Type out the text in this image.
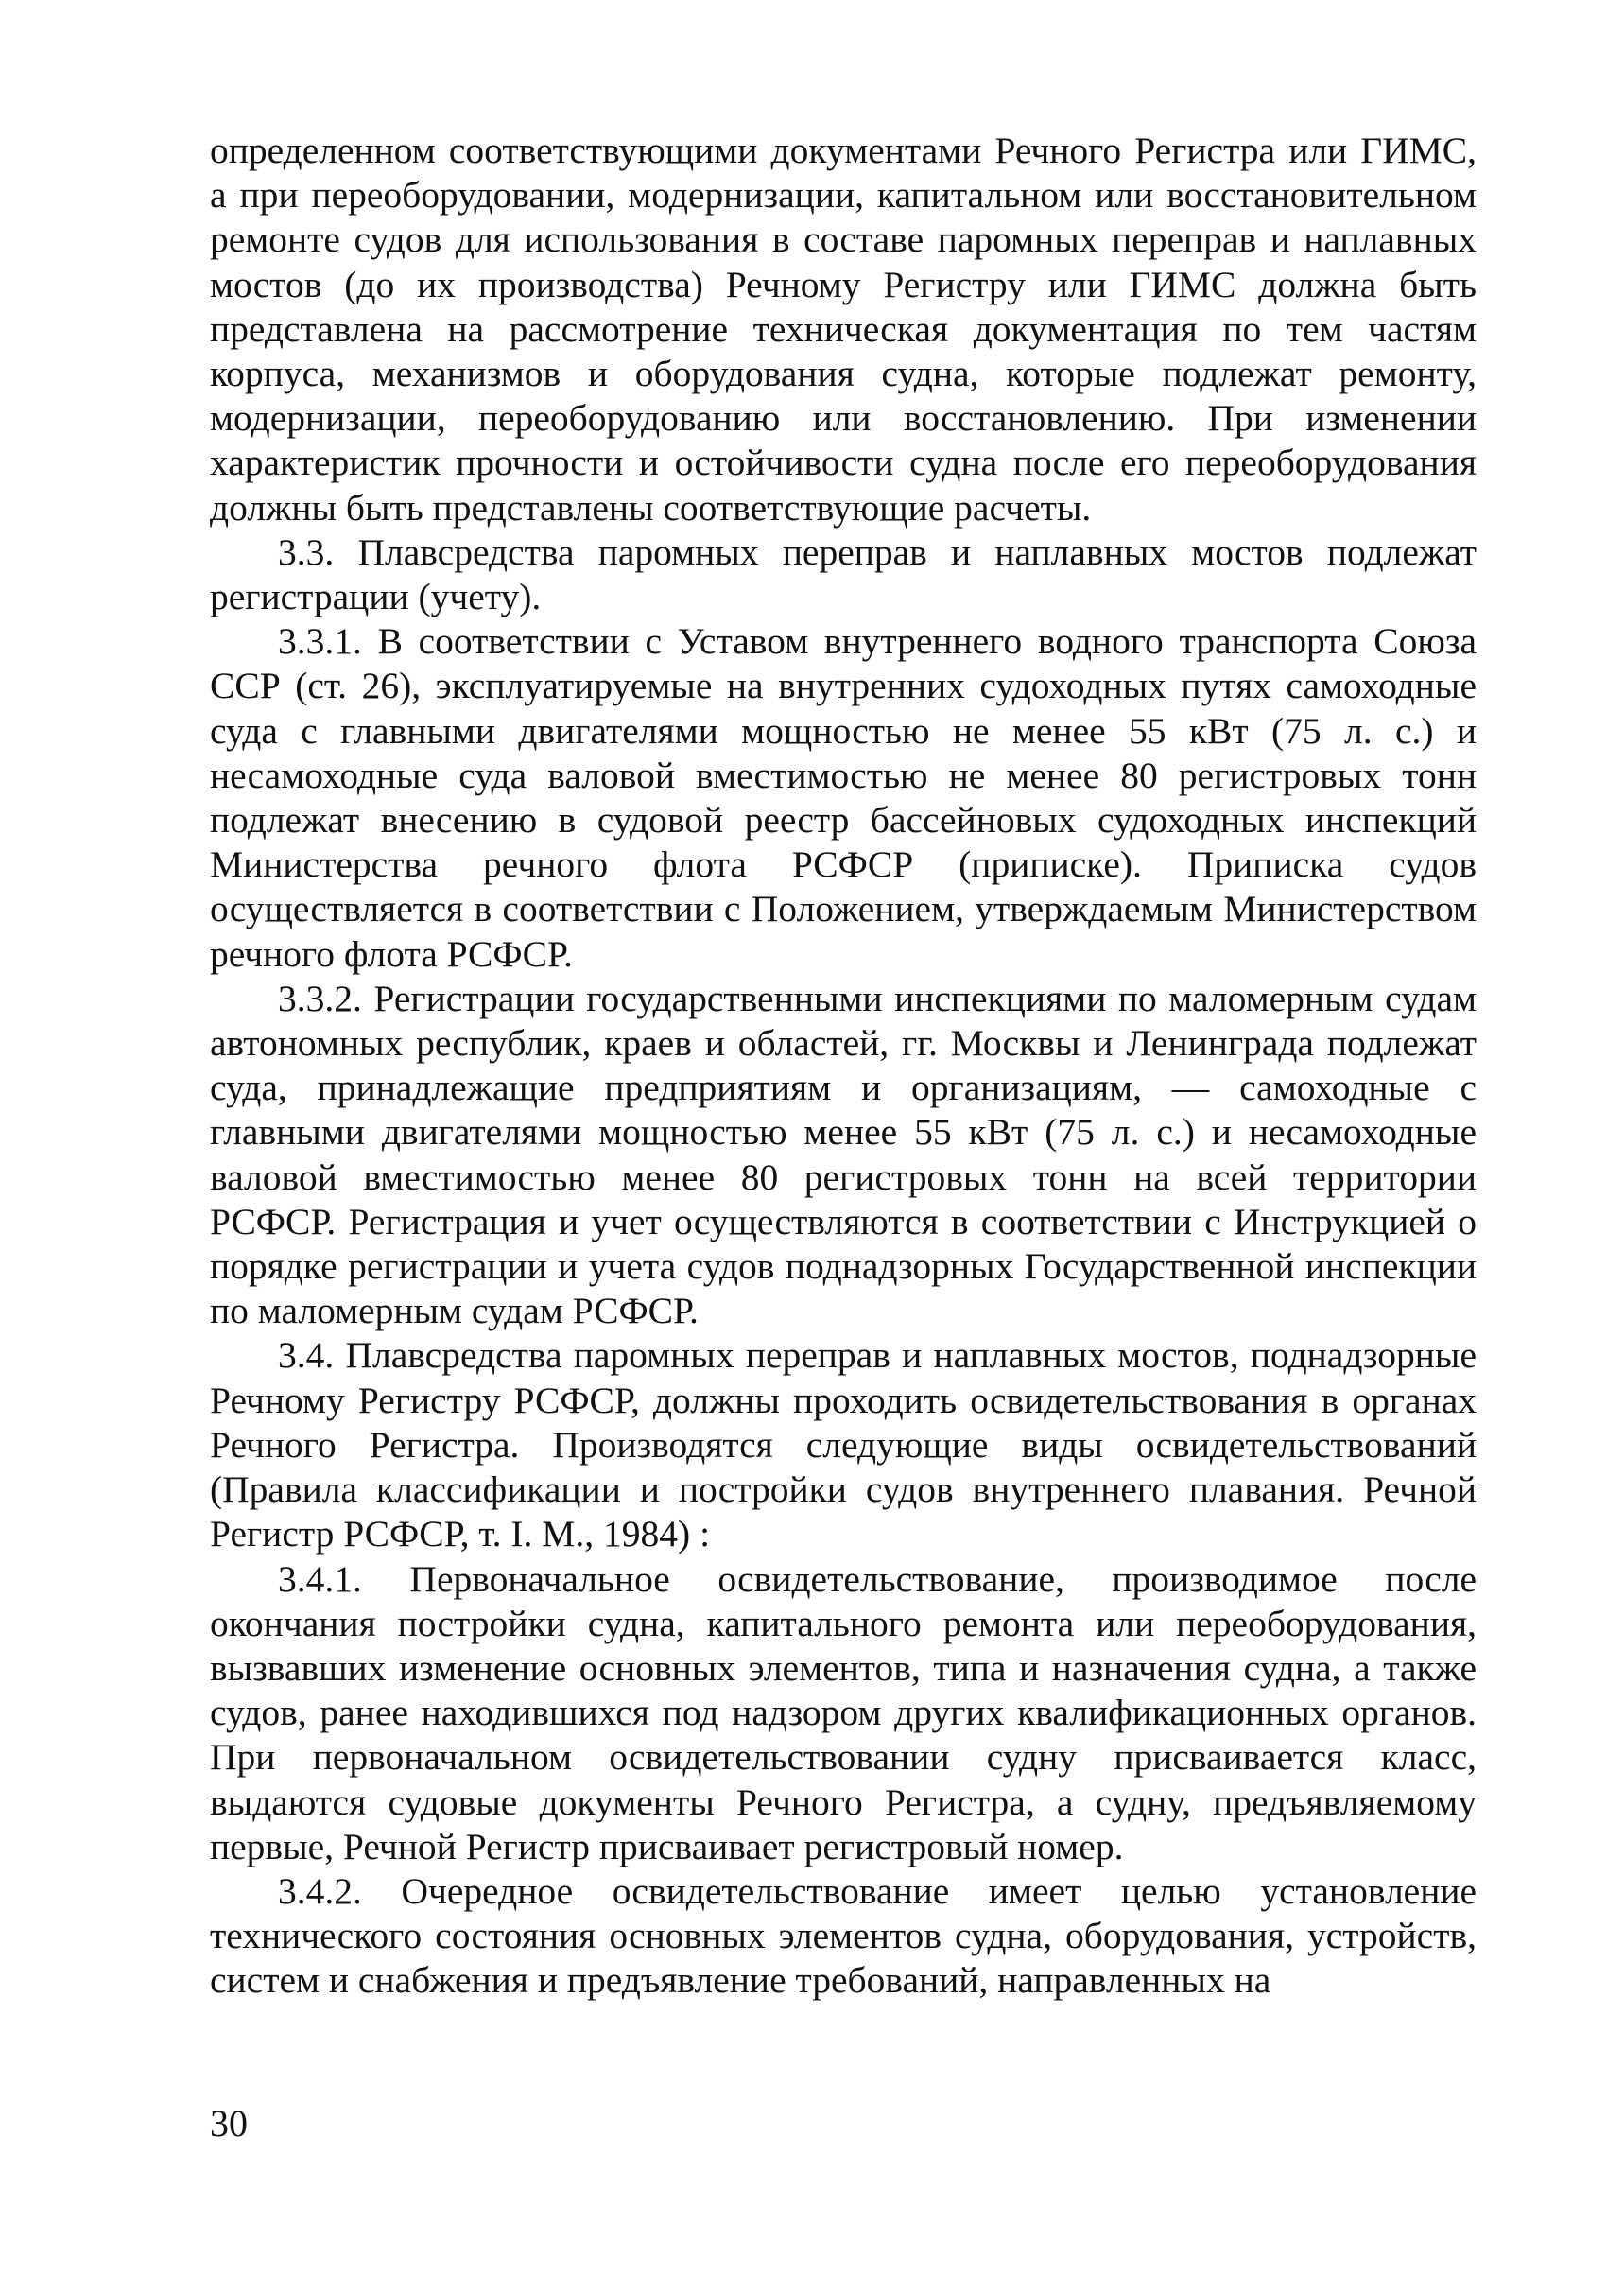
определенном соответствующими документами Речного Регистра или ГИМС, а при переоборудовании, модернизации, капитальном или восстановительном ремонте судов для использования в составе паромных переправ и наплавных мостов (до их производства) Речному Регистру или ГИМС должна быть представлена на рассмотрение техническая документация по тем частям корпуса, механизмов и оборудования судна, которые подлежат ремонту, модернизации, переоборудованию или восстановлению. При изменении характеристик прочности и остойчивости судна после его переоборудования должны быть представлены соответствующие расчеты.

3.3. Плавсредства паромных переправ и наплавных мостов подлежат регистрации (учету).

3.3.1. В соответствии с Уставом внутреннего водного транспорта Союза ССР (ст. 26), эксплуатируемые на внутренних судоходных путях самоходные суда с главными двигателями мощностью не менее 55 кВт (75 л. с.) и несамоходные суда валовой вместимостью не менее 80 регистровых тонн подлежат внесению в судовой реестр бассейновых судоходных инспекций Министерства речного флота РСФСР (приписке). Приписка судов осуществляется в соответствии с Положением, утверждаемым Министерством речного флота РСФСР.

3.3.2. Регистрации государственными инспекциями по маломерным судам автономных республик, краев и областей, гг. Москвы и Ленинграда подлежат суда, принадлежащие предприятиям и организациям, — самоходные с главными двигателями мощностью менее 55 кВт (75 л. с.) и несамоходные валовой вместимостью менее 80 регистровых тонн на всей территории РСФСР. Регистрация и учет осуществляются в соответствии с Инструкцией о порядке регистрации и учета судов поднадзорных Государственной инспекции по маломерным судам РСФСР.

3.4. Плавсредства паромных переправ и наплавных мостов, поднадзорные Речному Регистру РСФСР, должны проходить освидетельствования в органах Речного Регистра. Производятся следующие виды освидетельствований (Правила классификации и постройки судов внутреннего плавания. Речной Регистр РСФСР, т. I. М., 1984) :

3.4.1. Первоначальное освидетельствование, производимое после окончания постройки судна, капитального ремонта или переоборудования, вызвавших изменение основных элементов, типа и назначения судна, а также судов, ранее находившихся под надзором других квалификационных органов. При первоначальном освидетельствовании судну присваивается класс, выдаются судовые документы Речного Регистра, а судну, предъявляемому первые, Речной Регистр присваивает регистровый номер.

3.4.2. Очередное освидетельствование имеет целью установление технического состояния основных элементов судна, оборудования, устройств, систем и снабжения и предъявление требований, направленных на

30
